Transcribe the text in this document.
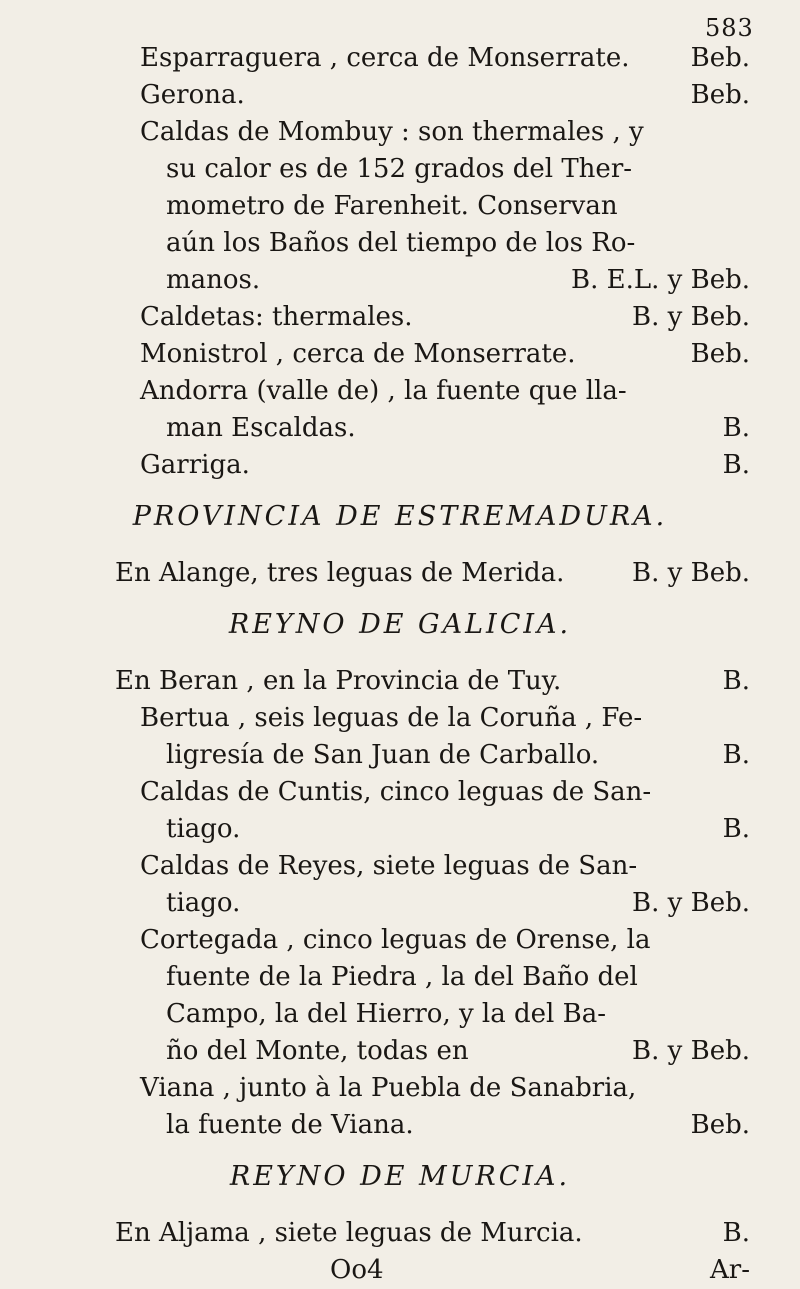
583
Esparraguera , cerca de Monserrate. Beb.
Gerona.	Beb.
Caldas de Mombuy : son thermales , y
su calor es de 152 grados del Ther-
mometro de Farenheit. Conservan
aún los Baños del tiempo de los Ro-
manos.	B. E.L. y Beb.
Caldetas: thermales.	B. y Beb.
Monistrol , cerca de Monserrate.	Beb.
Andorra (valle de) , la fuente que lla-
man Escaldas.	B.
Garriga.	B.
PROVINCIA DE ESTREMADURA.
En Alange, tres leguas de Merida.	B. y Beb.
REYNO DE GALICIA.
En Beran , en la Provincia de Tuy.	B.
Bertua , seis leguas de la Coruña , Fe-
ligresía de San Juan de Carballo.	B.
Caldas de Cuntis, cinco leguas de San-
tiago.	B.
Caldas de Reyes, siete leguas de San-
tiago.	B. y Beb.
Cortegada , cinco leguas de Orense, la
fuente de la Piedra , la del Baño del
Campo, la del Hierro, y la del Ba-
ño del Monte, todas en	B. y Beb.
Viana , junto à la Puebla de Sanabria,
la fuente de Viana.	Beb.
REYNO DE MURCIA.
En Aljama , siete leguas de Murcia.	B.
Oo4	Ar-
